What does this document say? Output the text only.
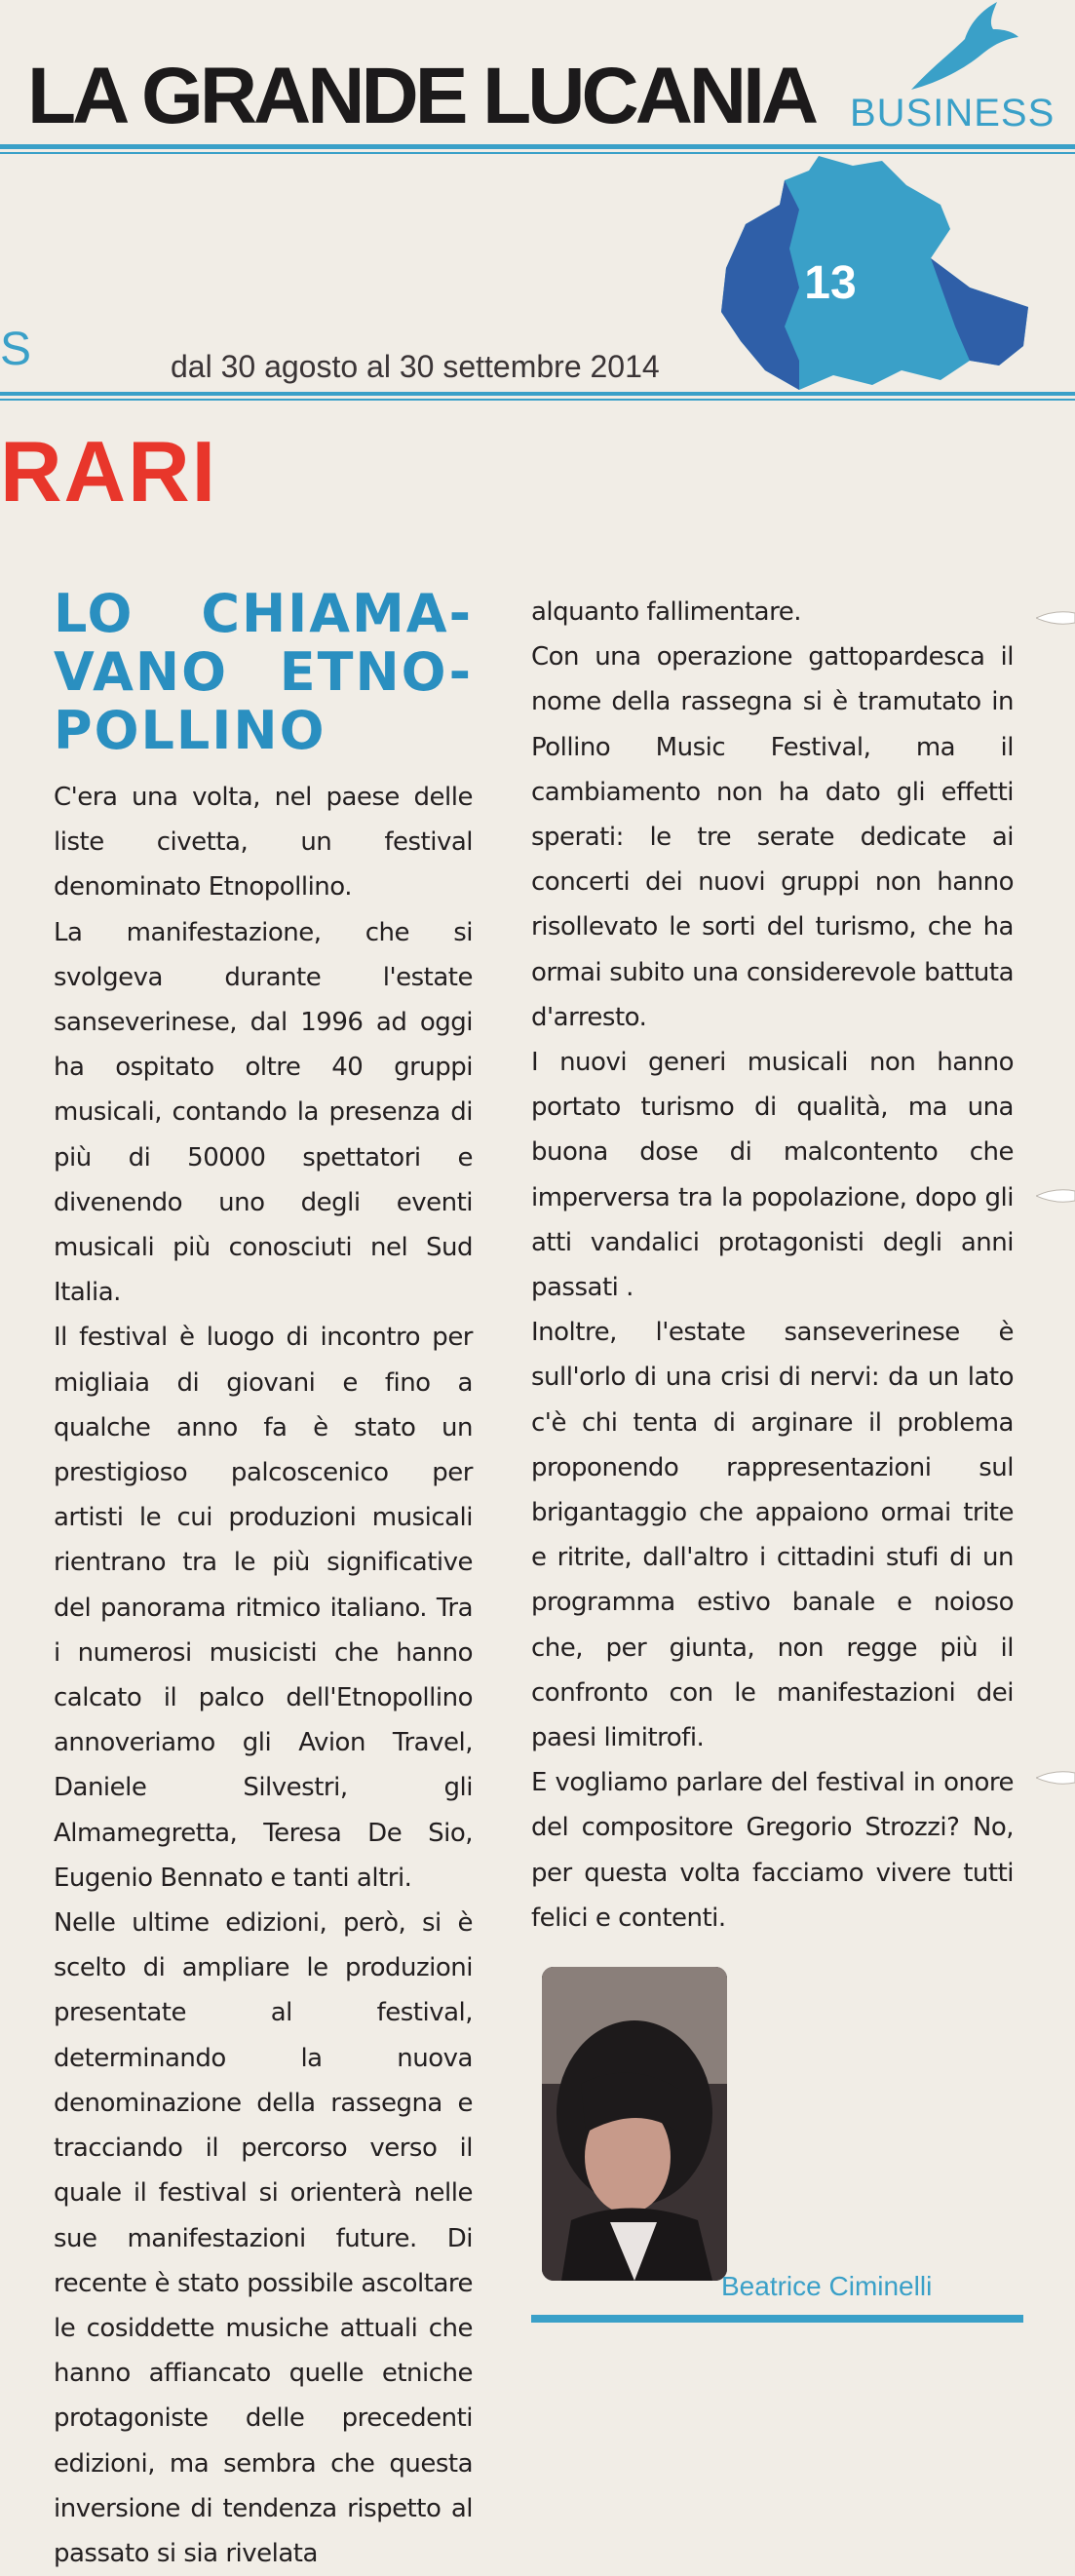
LA GRANDE LUCANIA BUSINESS
13
S	dal 30 agosto al 30 settembre 2014
RARI
LO CHIAMA-VANO ETNO-POLLINO

C'era una volta, nel paese delle liste civetta, un festival denominato Etnopollino.

La manifestazione, che si svolgeva durante l'estate sanseverinese, dal 1996 ad oggi ha ospitato oltre 40 gruppi musicali, contando la presenza di più di 50000 spettatori e divenendo uno degli eventi musicali più conosciuti nel Sud Italia.

Il festival è luogo di incontro per migliaia di giovani e fino a qualche anno fa è stato un prestigioso palcoscenico per artisti le cui produzioni musicali rientrano tra le più significative del panorama ritmico italiano. Tra i numerosi musicisti che hanno calcato il palco dell'Etnopollino annoveriamo gli Avion Travel, Daniele Silvestri, gli Almamegretta, Teresa De Sio, Eugenio Bennato e tanti altri.

Nelle ultime edizioni, però, si è scelto di ampliare le produzioni presentate al festival, determinando la nuova denominazione della rassegna e tracciando il percorso verso il quale il festival si orienterà nelle sue manifestazioni future. Di recente è stato possibile ascoltare le cosiddette musiche attuali che hanno affiancato quelle etniche protagoniste delle precedenti edizioni, ma sembra che questa inversione di tendenza rispetto al passato si sia rivelata

alquanto fallimentare.

Con una operazione gattopardesca il nome della rassegna si è tramutato in Pollino Music Festival, ma il cambiamento non ha dato gli effetti sperati: le tre serate dedicate ai concerti dei nuovi gruppi non hanno risollevato le sorti del turismo, che ha ormai subito una considerevole battuta d'arresto.

I nuovi generi musicali non hanno portato turismo di qualità, ma una buona dose di malcontento che imperversa tra la popolazione, dopo gli atti vandalici protagonisti degli anni passati .

Inoltre, l'estate sanseverinese è sull'orlo di una crisi di nervi: da un lato c'è chi tenta di arginare il problema proponendo rappresentazioni sul brigantaggio che appaiono ormai trite e ritrite, dall'altro i cittadini stufi di un programma estivo banale e noioso che, per giunta, non regge più il confronto con le manifestazioni dei paesi limitrofi.

E vogliamo parlare del festival in onore del compositore Gregorio Strozzi? No, per questa volta facciamo vivere tutti felici e contenti.

Beatrice Ciminelli
